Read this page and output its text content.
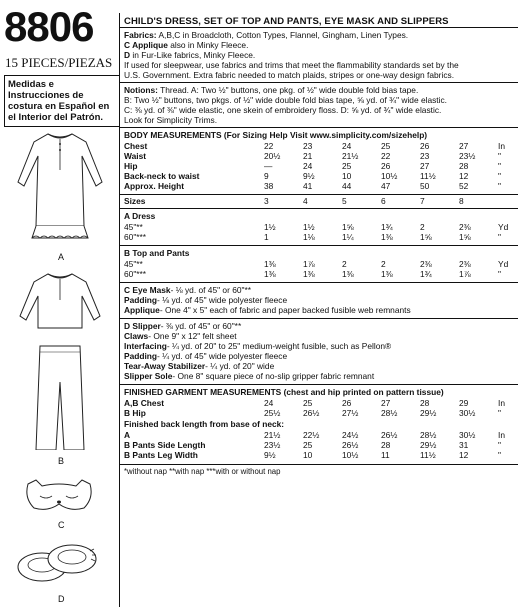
8806
15 PIECES/PIEZAS
Medidas e Instrucciones de costura en Español en el Interior del Patrón.
A
B
C
D
CHILD'S DRESS, SET OF TOP AND PANTS, EYE MASK AND SLIPPERS
Fabrics: A,B,C in Broadcloth, Cotton Types, Flannel, Gingham, Linen Types.
C Applique also in Minky Fleece.
D in Fur-Like fabrics, Minky Fleece.
If used for sleepwear, use fabrics and trims that meet the flammability standards set by the
U.S. Government. Extra fabric needed to match plaids, stripes or one-way design fabrics.
Notions: Thread. A: Two ½" buttons, one pkg. of ½" wide double fold bias tape.
B: Two ½" buttons, two pkgs. of ½" wide double fold bias tape, ⅝ yd. of ¾" wide elastic.
C: ⅜ yd. of ⅜" wide elastic, one skein of embroidery floss. D: ⅝ yd. of ¾" wide elastic.
Look for Simplicity Trims.
BODY MEASUREMENTS (For Sizing Help Visit www.simplicity.com/sizehelp)
Chest	22	23	24	25	26	27	In
Waist	20½	21	21½	22	23	23½	"
Hip	—	24	25	26	27	28	"
Back-neck to waist	9	9½	10	10½	11½	12	"
Approx. Height	38	41	44	47	50	52	"
Sizes	3	4	5	6	7	8	
A Dress
45"**	1½	1½	1⅝	1¾	2	2⅜	Yd
60"***	1	1⅛	1¼	1⅜	1⅝	1⅝	"
B Top and Pants
45"**	1⅜	1⅞	2	2	2⅜	2⅜	Yd
60"***	1⅜	1⅜	1⅜	1⅜	1¾	1⅞	"
C Eye Mask- ⅛ yd. of 45" or 60"**
Padding- ⅛ yd. of 45" wide polyester fleece
Applique- One 4" x 5" each of fabric and paper backed fusible web remnants
D Slipper- ⅜ yd. of 45" or 60"**
Claws- One 9" x 12" felt sheet
Interfacing- ¼ yd. of 20" to 25" medium-weight fusible, such as Pellon®
Padding- ¼ yd. of 45" wide polyester fleece
Tear-Away Stabilizer- ¼ yd. of 20" wide
Slipper Sole- One 8" square piece of no-slip gripper fabric remnant
FINISHED GARMENT MEASUREMENTS (chest and hip printed on pattern tissue)
A,B Chest	24	25	26	27	28	29	In
B Hip	25½	26½	27½	28½	29½	30½	"
Finished back length from base of neck:
A	21½	22½	24½	26½	28½	30½	In
B Pants Side Length	23½	25	26½	28	29½	31	"
B Pants Leg Width	9½	10	10½	11	11½	12	"
*without nap **with nap ***with or without nap
